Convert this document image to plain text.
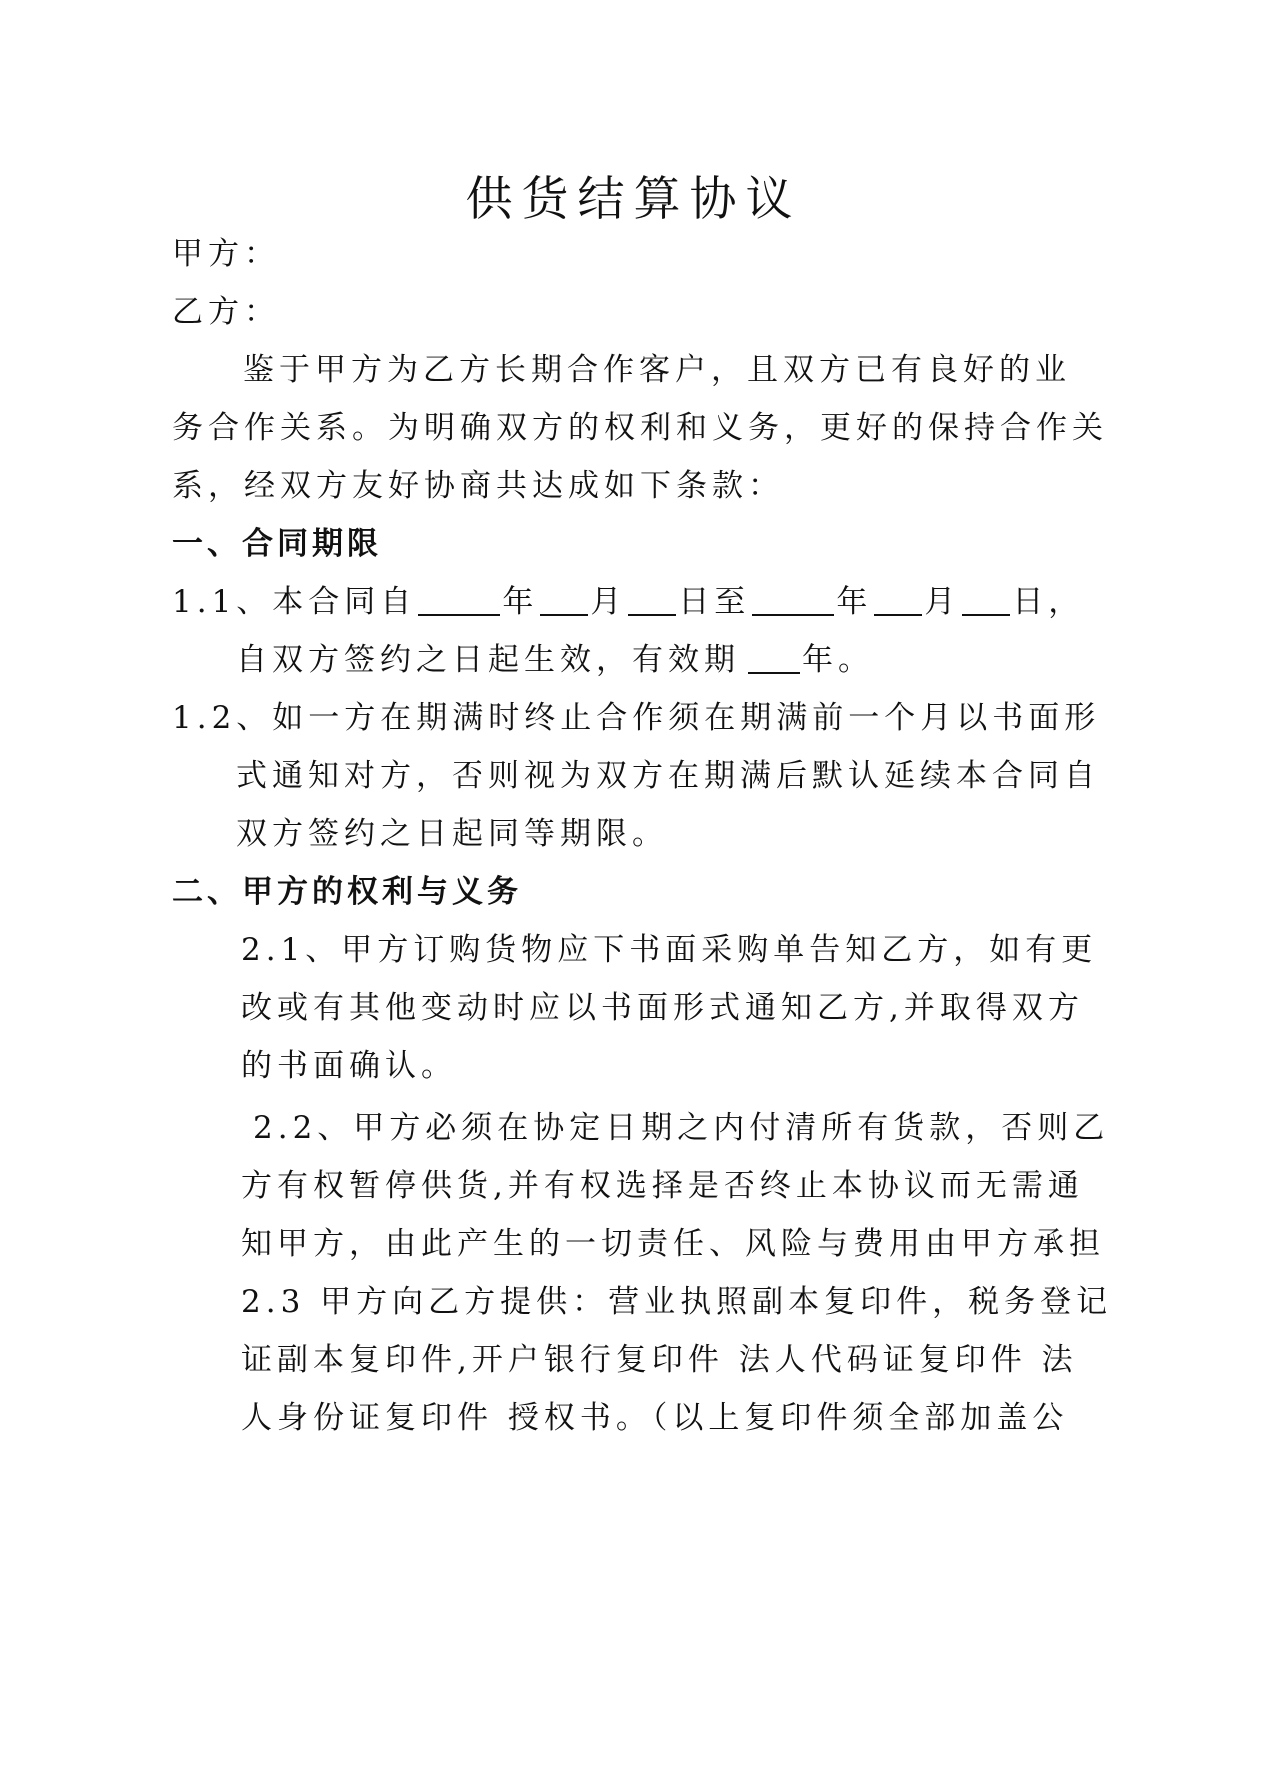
供货结算协议
甲方：
乙方：
鉴于甲方为乙方长期合作客户，且双方已有良好的业
务合作关系。为明确双方的权利和义务，更好的保持合作关
系，经双方友好协商共达成如下条款：
一、合同期限
1.1、本合同自	年 月 日至	年 月 日，
自双方签约之日起生效，有效期 年。
1.2、如一方在期满时终止合作须在期满前一个月以书面形
式通知对方，否则视为双方在期满后默认延续本合同自
双方签约之日起同等期限。
二、甲方的权利与义务
2.1、甲方订购货物应下书面采购单告知乙方，如有更
改或有其他变动时应以书面形式通知乙方,并取得双方
的书面确认。
2.2、甲方必须在协定日期之内付清所有货款，否则乙
方有权暂停供货,并有权选择是否终止本协议而无需通
知甲方，由此产生的一切责任、风险与费用由甲方承担
2.3 甲方向乙方提供：营业执照副本复印件，税务登记
证副本复印件,开户银行复印件 法人代码证复印件 法
人身份证复印件 授权书。（以上复印件须全部加盖公
